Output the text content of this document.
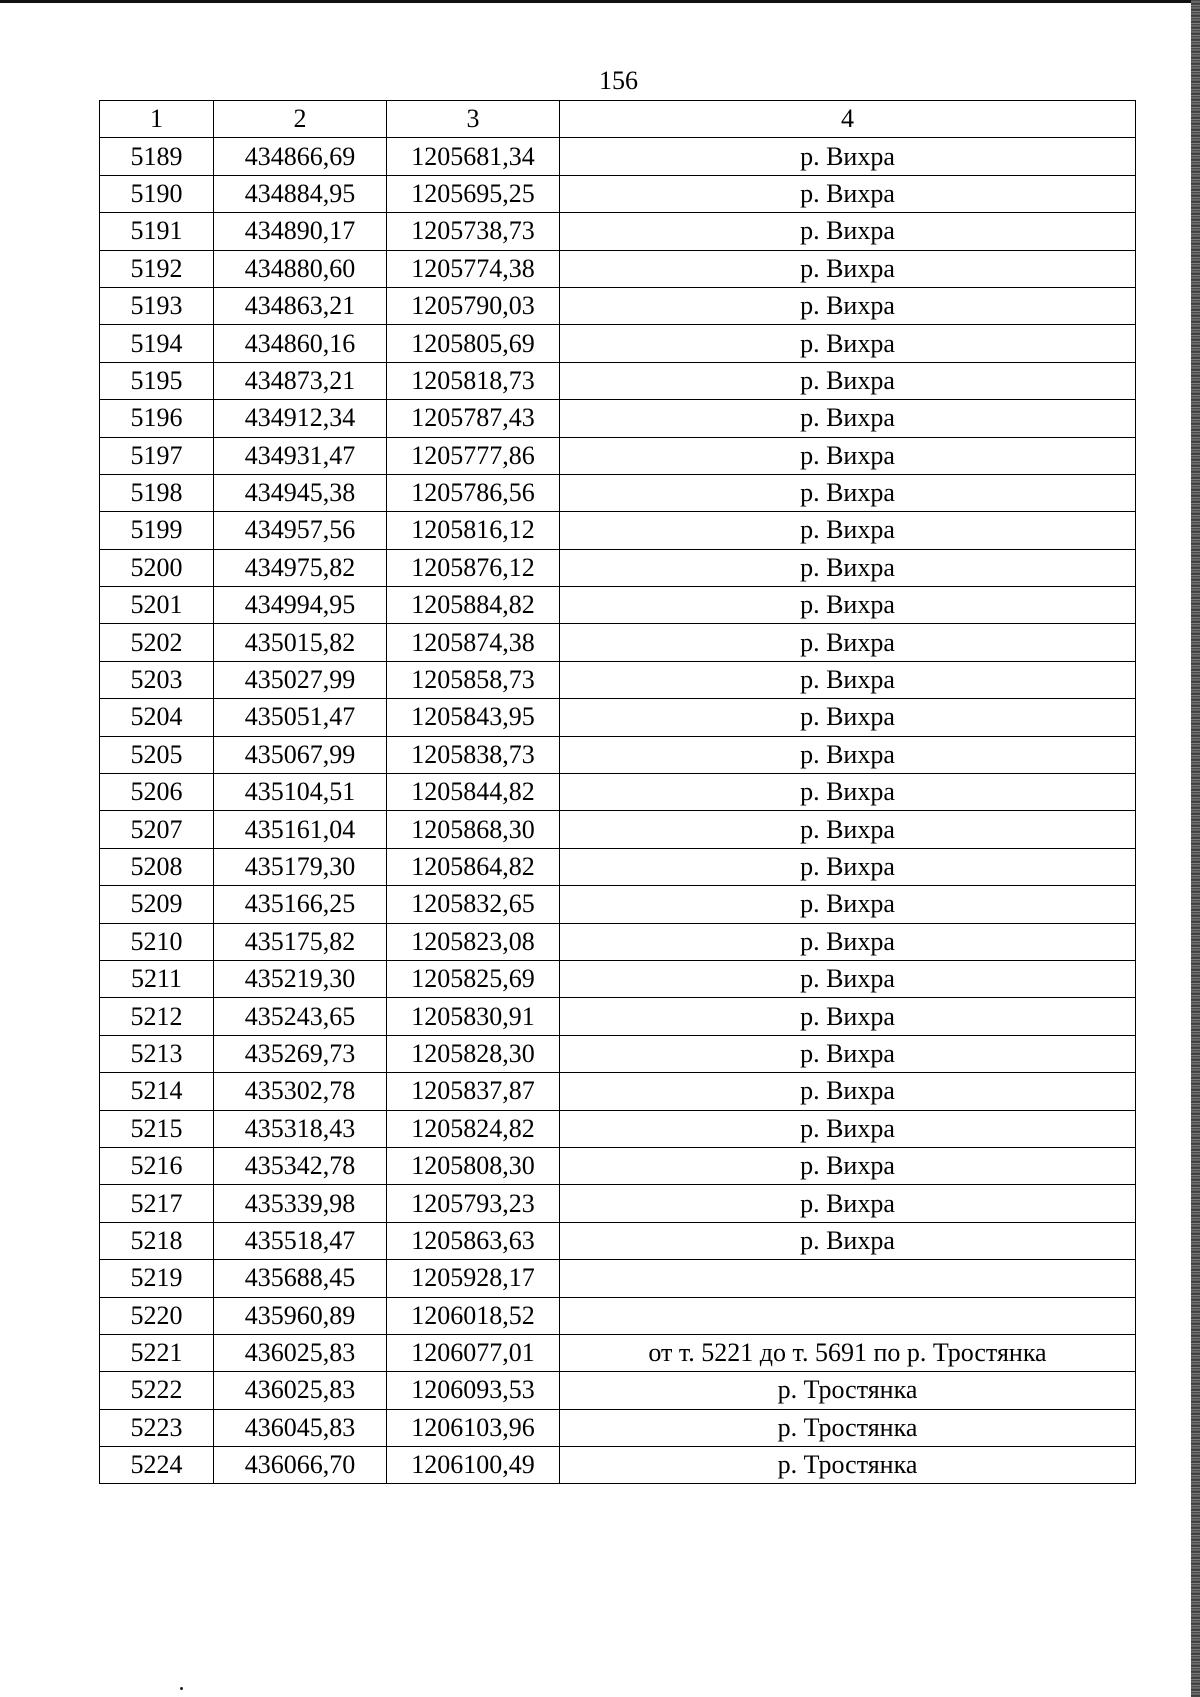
156
1	2	3	4
5189	434866,69	1205681,34	р. Вихра
5190	434884,95	1205695,25	р. Вихра
5191	434890,17	1205738,73	р. Вихра
5192	434880,60	1205774,38	р. Вихра
5193	434863,21	1205790,03	р. Вихра
5194	434860,16	1205805,69	р. Вихра
5195	434873,21	1205818,73	р. Вихра
5196	434912,34	1205787,43	р. Вихра
5197	434931,47	1205777,86	р. Вихра
5198	434945,38	1205786,56	р. Вихра
5199	434957,56	1205816,12	р. Вихра
5200	434975,82	1205876,12	р. Вихра
5201	434994,95	1205884,82	р. Вихра
5202	435015,82	1205874,38	р. Вихра
5203	435027,99	1205858,73	р. Вихра
5204	435051,47	1205843,95	р. Вихра
5205	435067,99	1205838,73	р. Вихра
5206	435104,51	1205844,82	р. Вихра
5207	435161,04	1205868,30	р. Вихра
5208	435179,30	1205864,82	р. Вихра
5209	435166,25	1205832,65	р. Вихра
5210	435175,82	1205823,08	р. Вихра
5211	435219,30	1205825,69	р. Вихра
5212	435243,65	1205830,91	р. Вихра
5213	435269,73	1205828,30	р. Вихра
5214	435302,78	1205837,87	р. Вихра
5215	435318,43	1205824,82	р. Вихра
5216	435342,78	1205808,30	р. Вихра
5217	435339,98	1205793,23	р. Вихра
5218	435518,47	1205863,63	р. Вихра
5219	435688,45	1205928,17	
5220	435960,89	1206018,52	
5221	436025,83	1206077,01	от т. 5221 до т. 5691 по р. Тростянка
5222	436025,83	1206093,53	р. Тростянка
5223	436045,83	1206103,96	р. Тростянка
5224	436066,70	1206100,49	р. Тростянка
